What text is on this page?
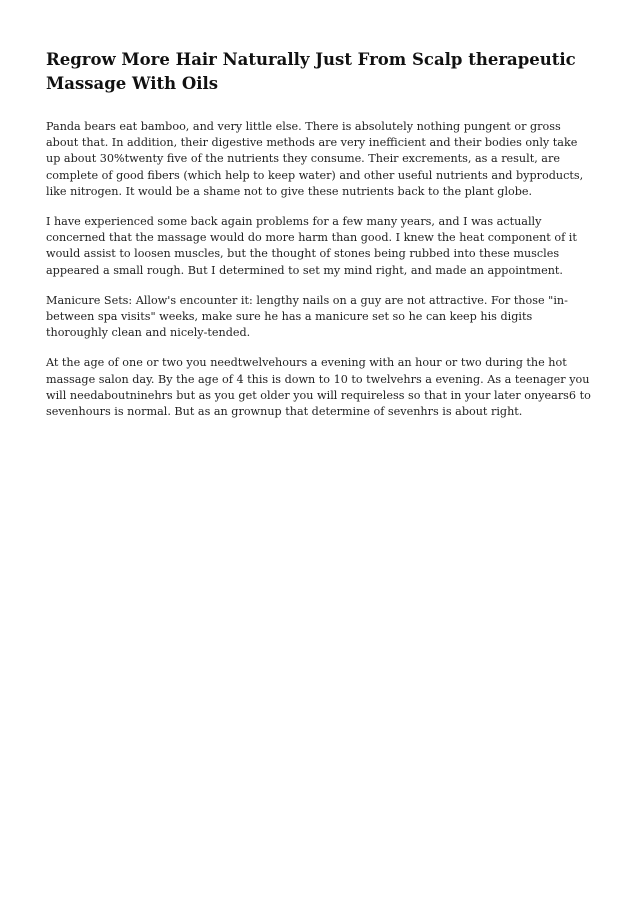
Regrow More Hair Naturally Just From Scalp therapeutic Massage With Oils

Panda bears eat bamboo, and very little else. There is absolutely nothing pungent or gross about that. In addition, their digestive methods are very inefficient and their bodies only take up about 30%twenty five of the nutrients they consume. Their excrements, as a result, are complete of good fibers (which help to keep water) and other useful nutrients and byproducts, like nitrogen. It would be a shame not to give these nutrients back to the plant globe.

I have experienced some back again problems for a few many years, and I was actually concerned that the massage would do more harm than good. I knew the heat component of it would assist to loosen muscles, but the thought of stones being rubbed into these muscles appeared a small rough. But I determined to set my mind right, and made an appointment.

Manicure Sets: Allow's encounter it: lengthy nails on a guy are not attractive. For those "in-between spa visits" weeks, make sure he has a manicure set so he can keep his digits thoroughly clean and nicely-tended.

At the age of one or two you needtwelvehours a evening with an hour or two during the hot massage salon day. By the age of 4 this is down to 10 to twelvehrs a evening. As a teenager you will needaboutninehrs but as you get older you will requireless so that in your later onyears6 to sevenhours is normal. But as an grownup that determine of sevenhrs is about right.
